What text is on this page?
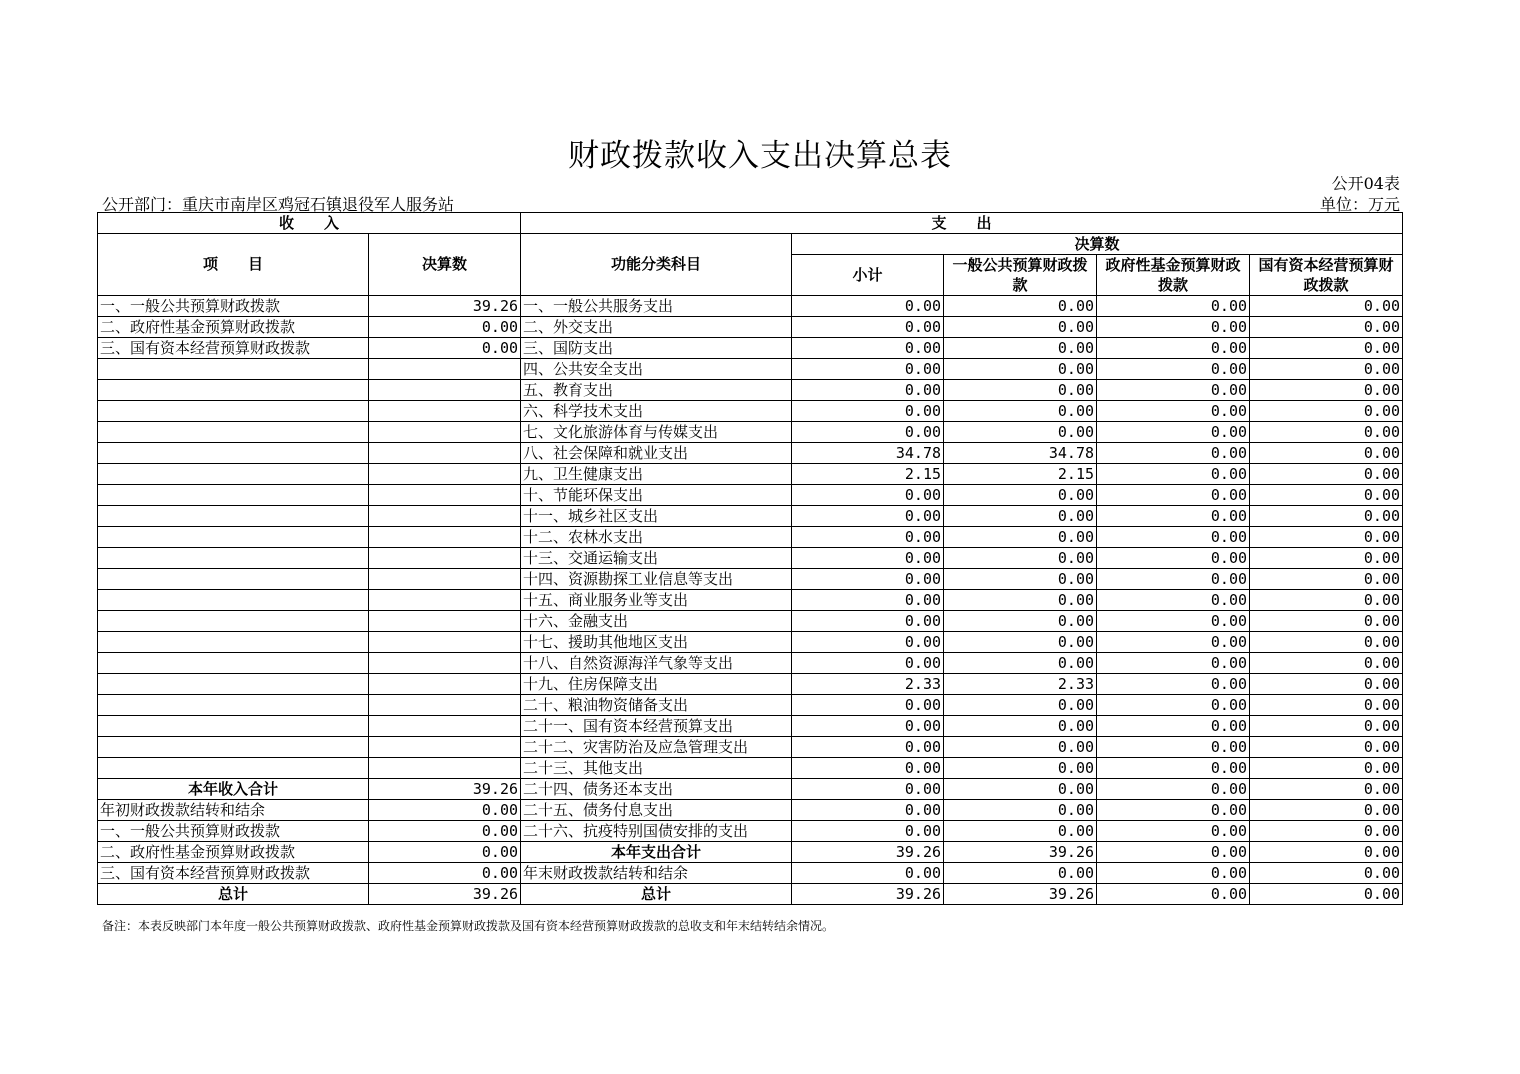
财政拨款收入支出决算总表
公开04表
公开部门：重庆市南岸区鸡冠石镇退役军人服务站	单位：万元
收　　入		支　　出				
项　　目	决算数	功能分类科目	决算数			
			小计	一般公共预算财政拨款	政府性基金预算财政拨款	国有资本经营预算财政拨款
一、一般公共预算财政拨款	39.26	一、一般公共服务支出	0.00	0.00	0.00	0.00
二、政府性基金预算财政拨款	0.00	二、外交支出	0.00	0.00	0.00	0.00
三、国有资本经营预算财政拨款	0.00	三、国防支出	0.00	0.00	0.00	0.00
		四、公共安全支出	0.00	0.00	0.00	0.00
		五、教育支出	0.00	0.00	0.00	0.00
		六、科学技术支出	0.00	0.00	0.00	0.00
		七、文化旅游体育与传媒支出	0.00	0.00	0.00	0.00
		八、社会保障和就业支出	34.78	34.78	0.00	0.00
		九、卫生健康支出	2.15	2.15	0.00	0.00
		十、节能环保支出	0.00	0.00	0.00	0.00
		十一、城乡社区支出	0.00	0.00	0.00	0.00
		十二、农林水支出	0.00	0.00	0.00	0.00
		十三、交通运输支出	0.00	0.00	0.00	0.00
		十四、资源勘探工业信息等支出	0.00	0.00	0.00	0.00
		十五、商业服务业等支出	0.00	0.00	0.00	0.00
		十六、金融支出	0.00	0.00	0.00	0.00
		十七、援助其他地区支出	0.00	0.00	0.00	0.00
		十八、自然资源海洋气象等支出	0.00	0.00	0.00	0.00
		十九、住房保障支出	2.33	2.33	0.00	0.00
		二十、粮油物资储备支出	0.00	0.00	0.00	0.00
		二十一、国有资本经营预算支出	0.00	0.00	0.00	0.00
		二十二、灾害防治及应急管理支出	0.00	0.00	0.00	0.00
		二十三、其他支出	0.00	0.00	0.00	0.00
本年收入合计	39.26	二十四、债务还本支出	0.00	0.00	0.00	0.00
年初财政拨款结转和结余	0.00	二十五、债务付息支出	0.00	0.00	0.00	0.00
一、一般公共预算财政拨款	0.00	二十六、抗疫特别国债安排的支出	0.00	0.00	0.00	0.00
二、政府性基金预算财政拨款	0.00	本年支出合计	39.26	39.26	0.00	0.00
三、国有资本经营预算财政拨款	0.00	年末财政拨款结转和结余	0.00	0.00	0.00	0.00
总计	39.26	总计	39.26	39.26	0.00	0.00
备注：本表反映部门本年度一般公共预算财政拨款、政府性基金预算财政拨款及国有资本经营预算财政拨款的总收支和年末结转结余情况。
